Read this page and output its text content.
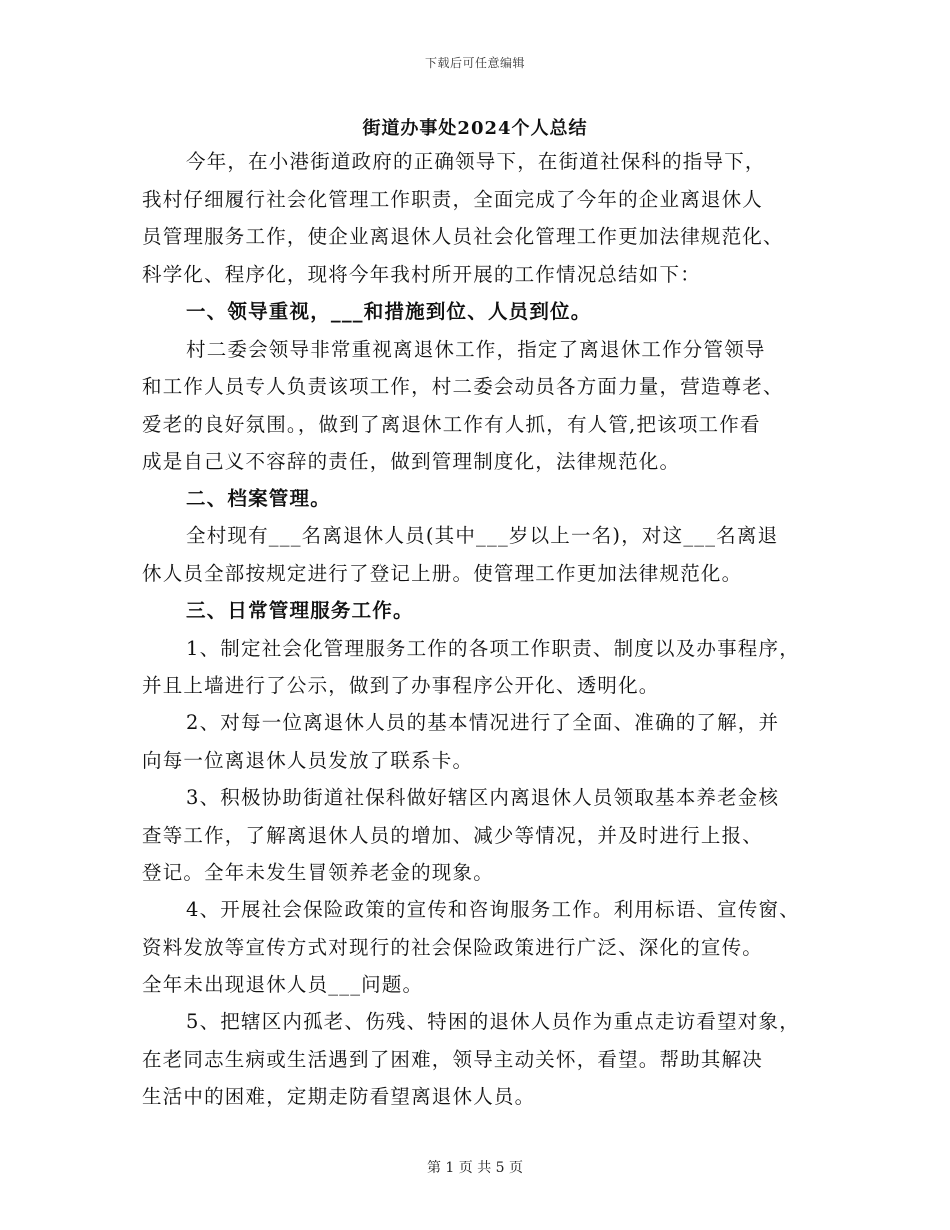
下载后可任意编辑
街道办事处2024个人总结
今年，在小港街道政府的正确领导下，在街道社保科的指导下，
我村仔细履行社会化管理工作职责，全面完成了今年的企业离退休人
员管理服务工作，使企业离退休人员社会化管理工作更加法律规范化、
科学化、程序化，现将今年我村所开展的工作情况总结如下：
一、领导重视，___和措施到位、人员到位。
村二委会领导非常重视离退休工作，指定了离退休工作分管领导
和工作人员专人负责该项工作，村二委会动员各方面力量，营造尊老、
爱老的良好氛围。，做到了离退休工作有人抓，有人管,把该项工作看
成是自己义不容辞的责任，做到管理制度化，法律规范化。
二、档案管理。
全村现有___名离退休人员(其中___岁以上一名)，对这___名离退
休人员全部按规定进行了登记上册。使管理工作更加法律规范化。
三、日常管理服务工作。
1、制定社会化管理服务工作的各项工作职责、制度以及办事程序，
并且上墙进行了公示，做到了办事程序公开化、透明化。
2、对每一位离退休人员的基本情况进行了全面、准确的了解，并
向每一位离退休人员发放了联系卡。
3、积极协助街道社保科做好辖区内离退休人员领取基本养老金核
查等工作，了解离退休人员的增加、减少等情况，并及时进行上报、
登记。全年未发生冒领养老金的现象。
4、开展社会保险政策的宣传和咨询服务工作。利用标语、宣传窗、
资料发放等宣传方式对现行的社会保险政策进行广泛、深化的宣传。
全年未出现退休人员___问题。
5、把辖区内孤老、伤残、特困的退休人员作为重点走访看望对象，
在老同志生病或生活遇到了困难，领导主动关怀，看望。帮助其解决
生活中的困难，定期走防看望离退休人员。
第 1 页 共 5 页
